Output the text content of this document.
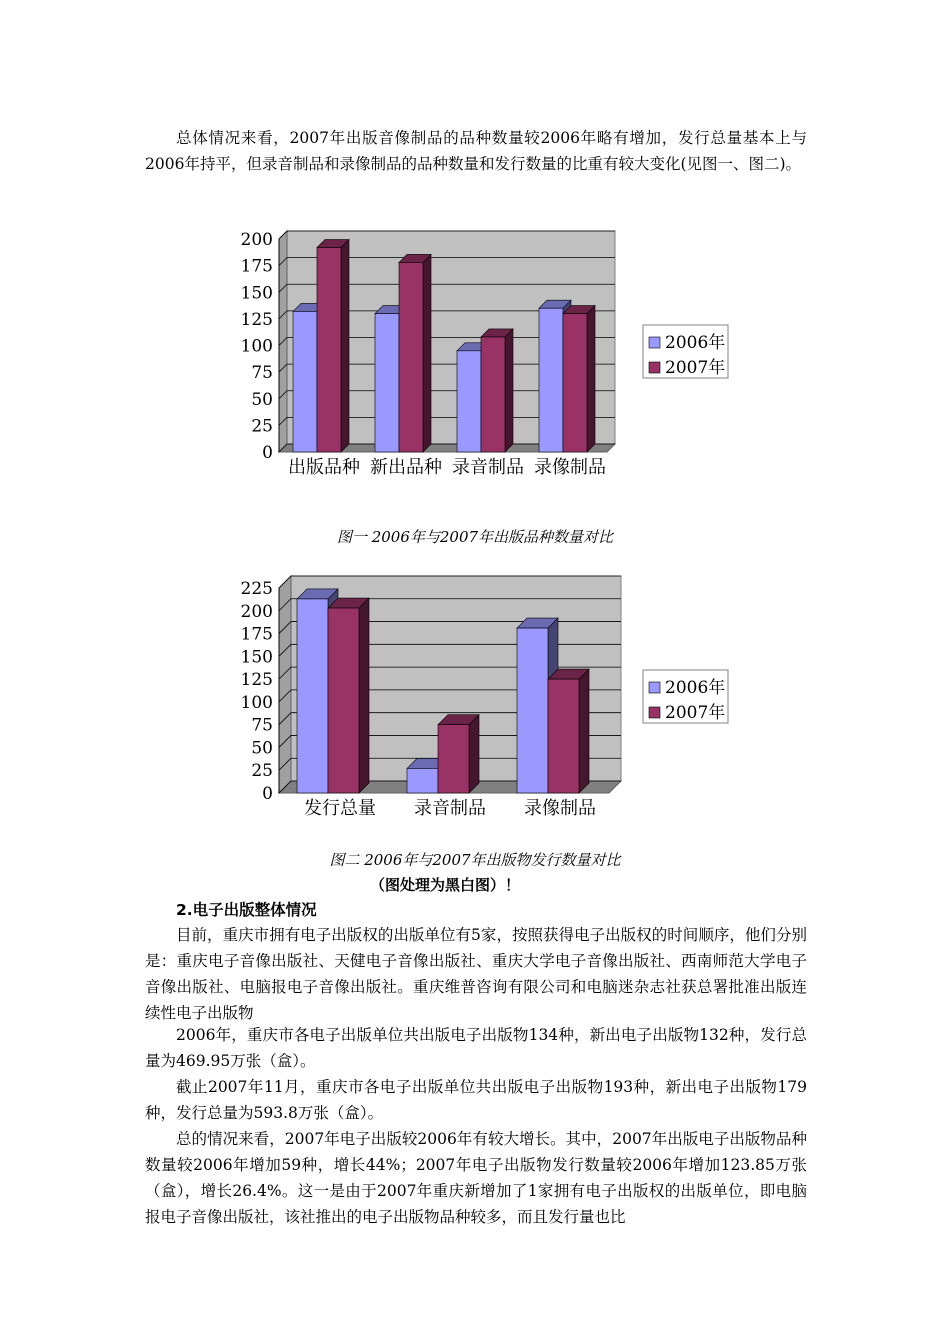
总体情况来看，2007年出版音像制品的品种数量较2006年略有增加，发行总量基本上与2006年持平，但录音制品和录像制品的品种数量和发行数量的比重有较大变化(见图一、图二)。

0
25
50
75
100
125
150
175
200
出版品种 新出品种 录音制品 录像制品
2006年
2007年

图一 2006年与2007年出版品种数量对比

0
25
50
75
100
125
150
175
200
225
发行总量 录音制品 录像制品
2006年
2007年

图二 2006年与2007年出版物发行数量对比

（图处理为黑白图）！

2.电子出版整体情况

目前，重庆市拥有电子出版权的出版单位有5家，按照获得电子出版权的时间顺序，他们分别是：重庆电子音像出版社、天健电子音像出版社、重庆大学电子音像出版社、西南师范大学电子音像出版社、电脑报电子音像出版社。重庆维普咨询有限公司和电脑迷杂志社获总署批准出版连续性电子出版物

2006年，重庆市各电子出版单位共出版电子出版物134种，新出电子出版物132种，发行总量为469.95万张（盒）。

截止2007年11月，重庆市各电子出版单位共出版电子出版物193种，新出电子出版物179种，发行总量为593.8万张（盒）。

总的情况来看，2007年电子出版较2006年有较大增长。其中，2007年出版电子出版物品种数量较2006年增加59种，增长44%；2007年电子出版物发行数量较2006年增加123.85万张（盒），增长26.4%。这一是由于2007年重庆新增加了1家拥有电子出版权的出版单位，即电脑报电子音像出版社，该社推出的电子出版物品种较多，而且发行量也比
